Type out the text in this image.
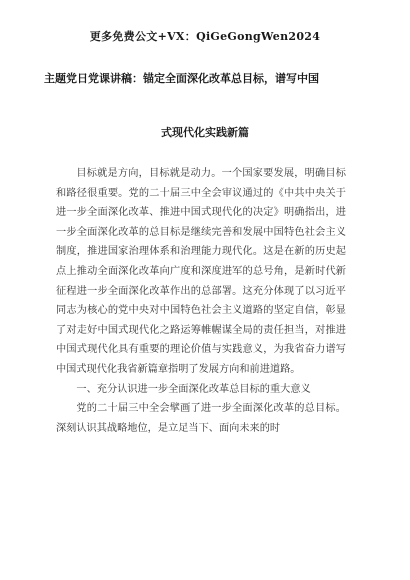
更多免费公文+VX：QiGeGongWen2024
主题党日党课讲稿：锚定全面深化改革总目标，谱写中国
式现代化实践新篇

目标就是方向，目标就是动力。一个国家要发展，明确目标和路径很重要。党的二十届三中全会审议通过的《中共中央关于进一步全面深化改革、推进中国式现代化的决定》明确指出，进一步全面深化改革的总目标是继续完善和发展中国特色社会主义制度，推进国家治理体系和治理能力现代化。这是在新的历史起点上推动全面深化改革向广度和深度进军的总号角，是新时代新征程进一步全面深化改革作出的总部署。这充分体现了以习近平同志为核心的党中央对中国特色社会主义道路的坚定自信，彰显了对走好中国式现代化之路运筹帷幄谋全局的责任担当，对推进中国式现代化具有重要的理论价值与实践意义，为我省奋力谱写中国式现代化我省新篇章指明了发展方向和前进道路。

一、充分认识进一步全面深化改革总目标的重大意义

党的二十届三中全会擘画了进一步全面深化改革的总目标。深刻认识其战略地位，是立足当下、面向未来的时
